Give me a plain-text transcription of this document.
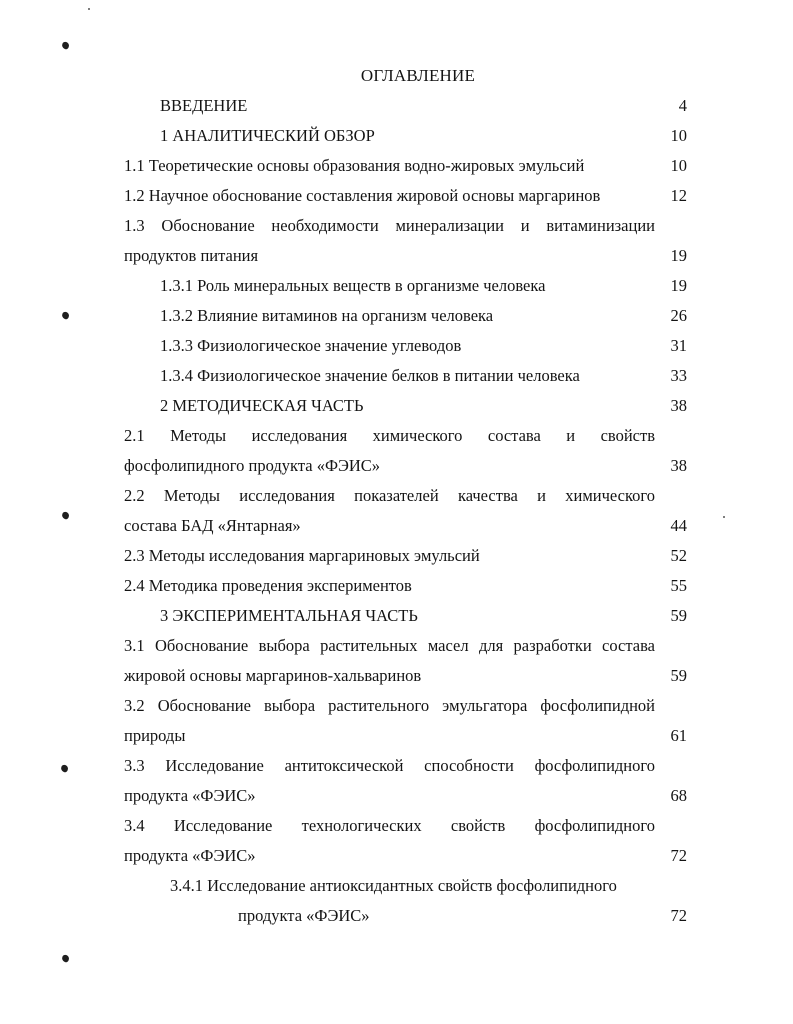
ОГЛАВЛЕНИЕ
ВВЕДЕНИЕ	4
1 АНАЛИТИЧЕСКИЙ ОБЗОР	10
1.1 Теоретические основы образования водно-жировых эмульсий	10
1.2 Научное обоснование составления жировой основы маргаринов	12
1.3 Обоснование необходимости минерализации и витаминизации
продуктов питания	19
1.3.1 Роль минеральных веществ в организме человека	19
1.3.2 Влияние витаминов на организм человека	26
1.3.3 Физиологическое значение углеводов	31
1.3.4 Физиологическое значение белков в питании человека	33
2 МЕТОДИЧЕСКАЯ ЧАСТЬ	38
2.1 Методы исследования химического состава и свойств
фосфолипидного продукта «ФЭИС»	38
2.2 Методы исследования показателей качества и химического
состава БАД «Янтарная»	44
2.3 Методы исследования маргариновых эмульсий	52
2.4 Методика проведения экспериментов	55
3 ЭКСПЕРИМЕНТАЛЬНАЯ ЧАСТЬ	59
3.1 Обоснование выбора растительных масел для разработки состава
жировой основы маргаринов-хальваринов	59
3.2 Обоснование выбора растительного эмульгатора фосфолипидной
природы	61
3.3 Исследование антитоксической способности фосфолипидного
продукта «ФЭИС»	68
3.4 Исследование технологических свойств фосфолипидного
продукта «ФЭИС»	72
3.4.1 Исследование антиоксидантных свойств фосфолипидного
продукта «ФЭИС»	72
